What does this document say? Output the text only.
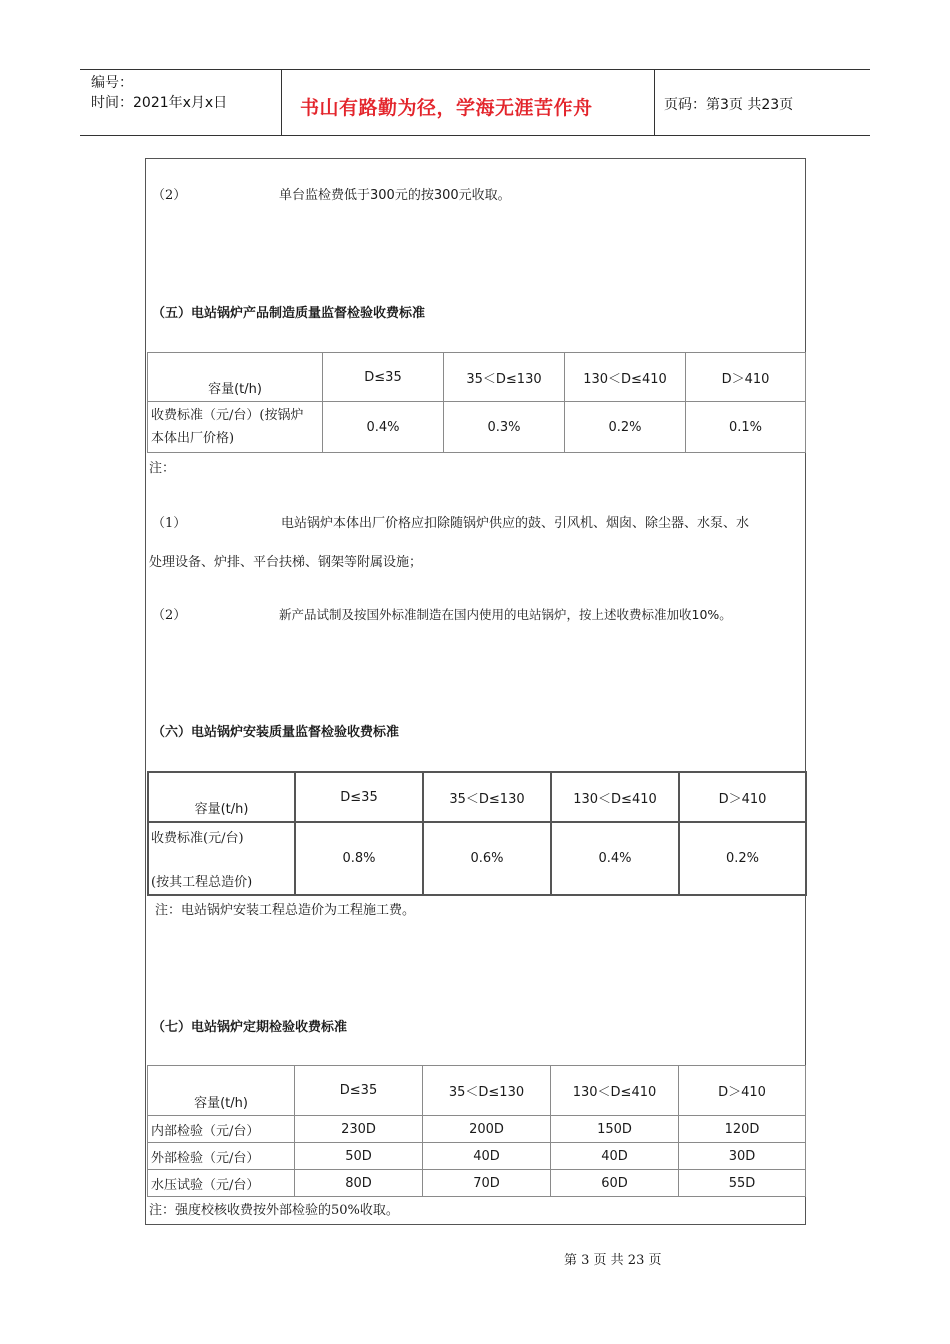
编号：
时间：2021年x月x日	书山有路勤为径，学海无涯苦作舟	页码：第3页 共23页
（2）	单台监检费低于300元的按300元收取。
（五）电站锅炉产品制造质量监督检验收费标准
容量(t/h)	D≤35	35＜D≤130	130＜D≤410	D＞410

收费标准（元/台）(按锅炉
本体出厂价格)	0.4%	0.3%	0.2%	0.1%
注：
（1）	电站锅炉本体出厂价格应扣除随锅炉供应的鼓、引风机、烟囱、除尘器、水泵、水
处理设备、炉排、平台扶梯、钢架等附属设施；
（2）	新产品试制及按国外标准制造在国内使用的电站锅炉，按上述收费标准加收10%。
（六）电站锅炉安装质量监督检验收费标准
容量(t/h)	D≤35	35＜D≤130	130＜D≤410	D＞410

收费标准(元/台)
(按其工程总造价)	0.8%	0.6%	0.4%	0.2%
注：电站锅炉安装工程总造价为工程施工费。
（七）电站锅炉定期检验收费标准
容量(t/h)	D≤35	35＜D≤130	130＜D≤410	D＞410
内部检验（元/台）	230D	200D	150D	120D
外部检验（元/台）	50D	40D	40D	30D
水压试验（元/台）	80D	70D	60D	55D
注：强度校核收费按外部检验的50%收取。
第 3 页 共 23 页
